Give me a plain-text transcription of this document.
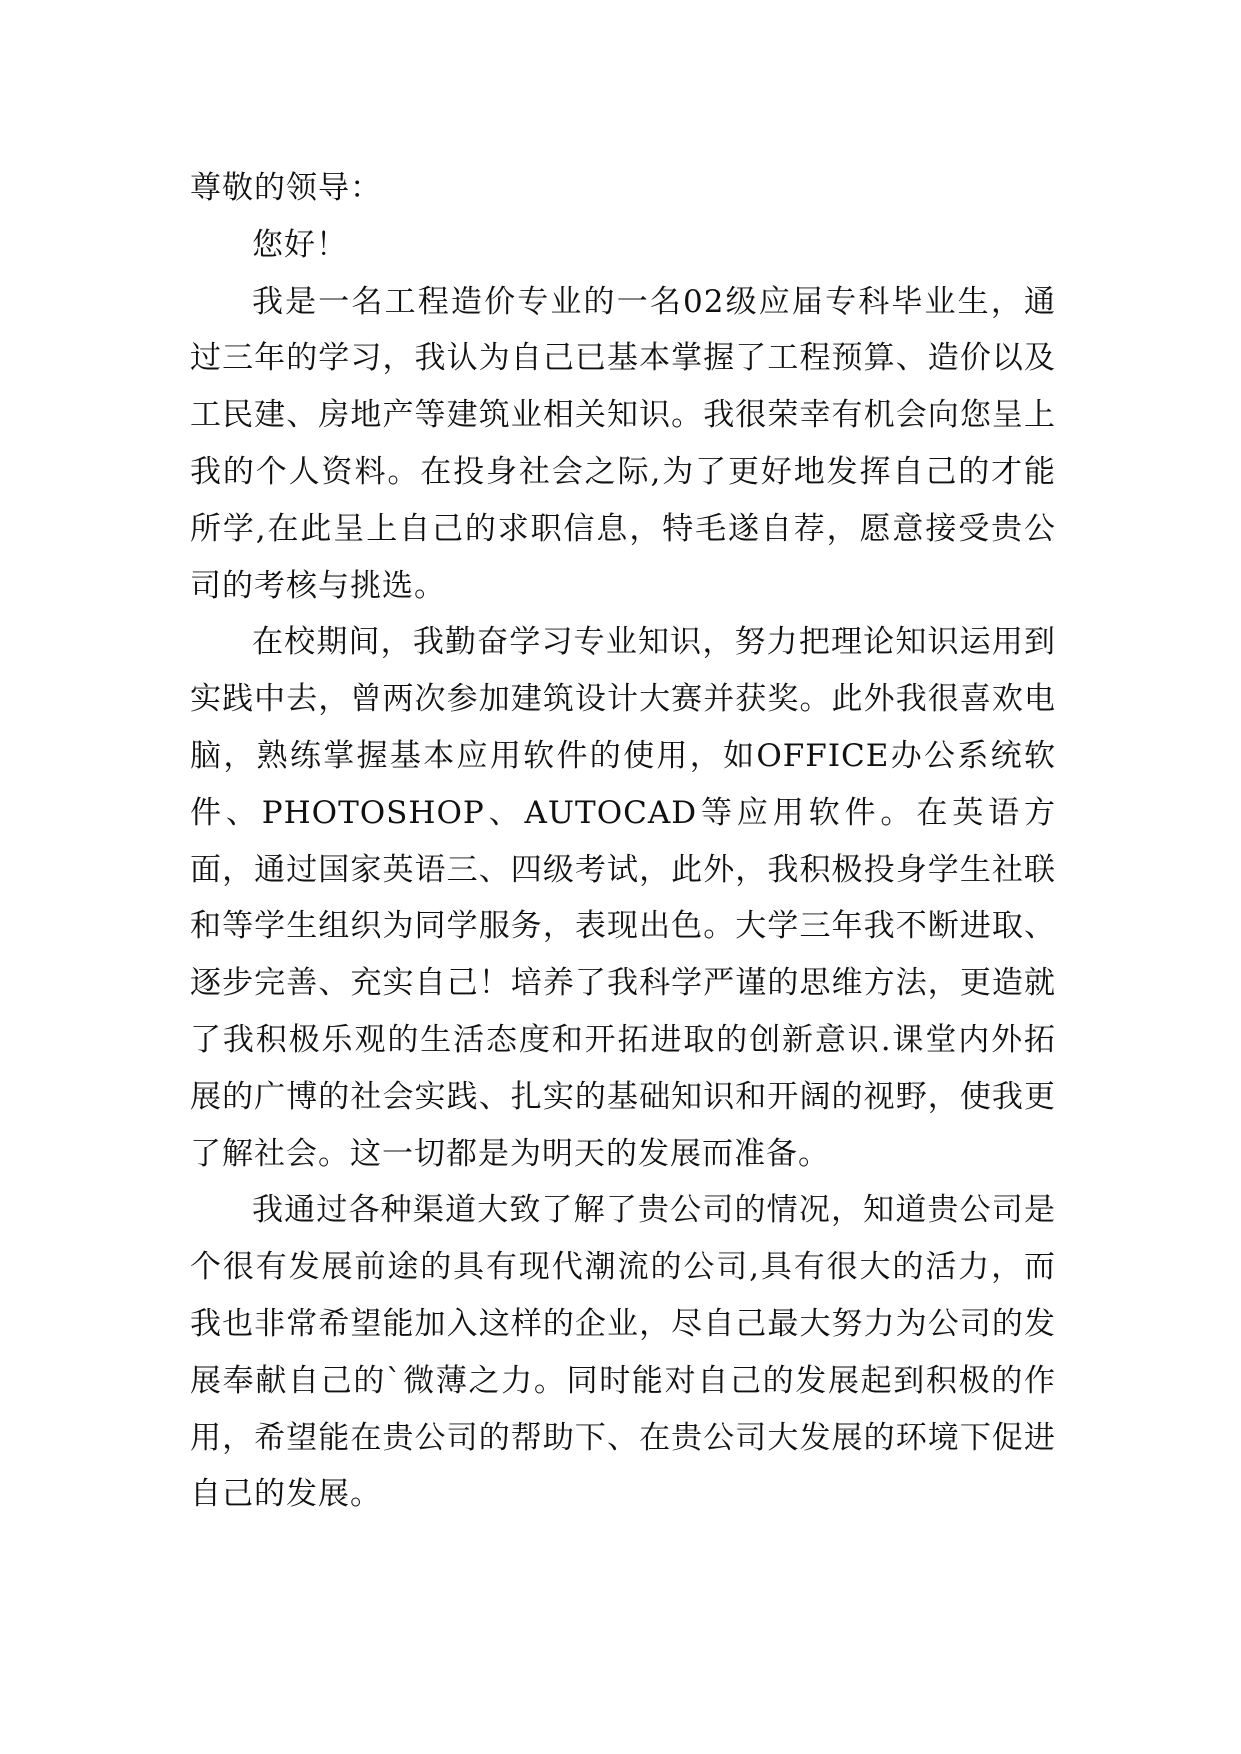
尊敬的领导：

您好！

我是一名工程造价专业的一名02级应届专科毕业生，通过三年的学习，我认为自己已基本掌握了工程预算、造价以及工民建、房地产等建筑业相关知识。我很荣幸有机会向您呈上我的个人资料。在投身社会之际,为了更好地发挥自己的才能所学,在此呈上自己的求职信息，特毛遂自荐，愿意接受贵公司的考核与挑选。

在校期间，我勤奋学习专业知识，努力把理论知识运用到实践中去，曾两次参加建筑设计大赛并获奖。此外我很喜欢电脑，熟练掌握基本应用软件的使用，如OFFICE办公系统软件、PHOTOSHOP、AUTOCAD等应用软件。在英语方面，通过国家英语三、四级考试，此外，我积极投身学生社联和等学生组织为同学服务，表现出色。大学三年我不断进取、逐步完善、充实自己！培养了我科学严谨的思维方法，更造就了我积极乐观的生活态度和开拓进取的创新意识.课堂内外拓展的广博的社会实践、扎实的基础知识和开阔的视野，使我更了解社会。这一切都是为明天的发展而准备。

我通过各种渠道大致了解了贵公司的情况，知道贵公司是个很有发展前途的具有现代潮流的公司,具有很大的活力，而我也非常希望能加入这样的企业，尽自己最大努力为公司的发展奉献自己的`微薄之力。同时能对自己的发展起到积极的作用，希望能在贵公司的帮助下、在贵公司大发展的环境下促进自己的发展。
